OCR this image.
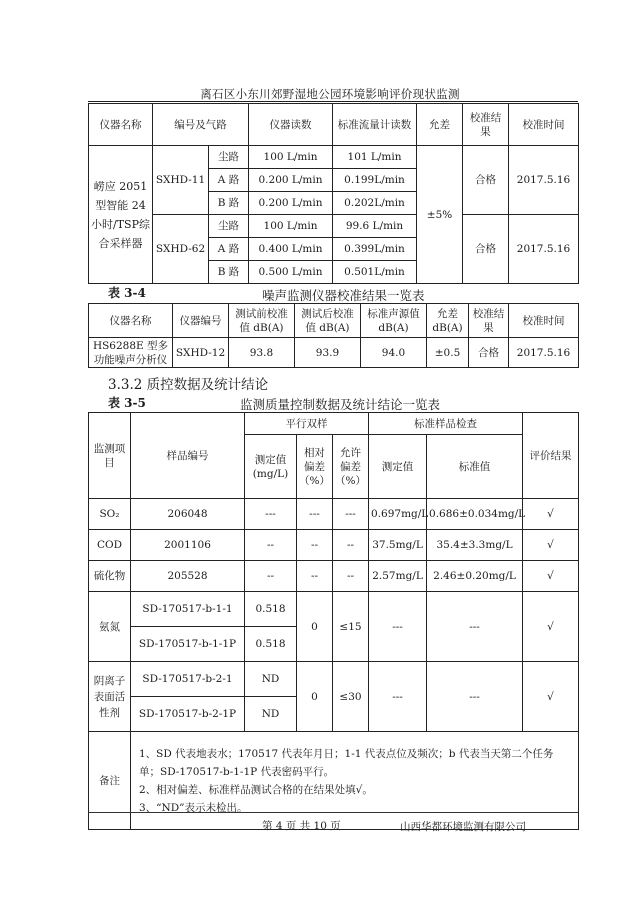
离石区小东川郊野湿地公园环境影响评价现状监测
仪器名称	编号及气路		仪器读数	标准流量计读数	允差	校准结果	校准时间
崂应 2051型智能 24小时/TSP综合采样器	SXHD-11	尘路	100 L/min	101 L/min	±5%	合格	2017.5.16
		A 路	0.200 L/min	0.199L/min			
		B 路	0.200 L/min	0.202L/min			
	SXHD-62	尘路	100 L/min	99.6 L/min		合格	2017.5.16
		A 路	0.400 L/min	0.399L/min			
		B 路	0.500 L/min	0.501L/min			
表 3-4	噪声监测仪器校准结果一览表
仪器名称	仪器编号	测试前校准值 dB(A)	测试后校准值 dB(A)	标准声源值 dB(A)	允差dB(A)	校准结果	校准时间
HS6288E 型多功能噪声分析仪	SXHD-12	93.8	93.9	94.0	±0.5	合格	2017.5.16
3.3.2 质控数据及统计结论
表 3-5	监测质量控制数据及统计结论一览表
监测项目	样品编号	平行双样			标准样品检查		评价结果
		测定值(mg/L)	相对偏差（%）	允许偏差（%）	测定值	标准值	
SO₂	206048	---	---	---	0.697mg/L	0.686±0.034mg/L	√
COD	2001106	--	--	--	37.5mg/L	35.4±3.3mg/L	√
硫化物	205528	--	--	--	2.57mg/L	2.46±0.20mg/L	√
氨氮	SD-170517-b-1-1	0.518	0	≤15	---	---	√
	SD-170517-b-1-1P	0.518					
阴离子表面活性剂	SD-170517-b-2-1	ND	0	≤30	---	---	√
	SD-170517-b-2-1P	ND					
备注	1、SD 代表地表水；170517 代表年月日；1-1 代表点位及频次；b 代表当天第二个任务单；SD-170517-b-1-1P 代表密码平行。
2、相对偏差、标准样品测试合格的在结果处填√。
3、“ND”表示未检出。						
第 4 页 共 10 页	山西华都环境监测有限公司
